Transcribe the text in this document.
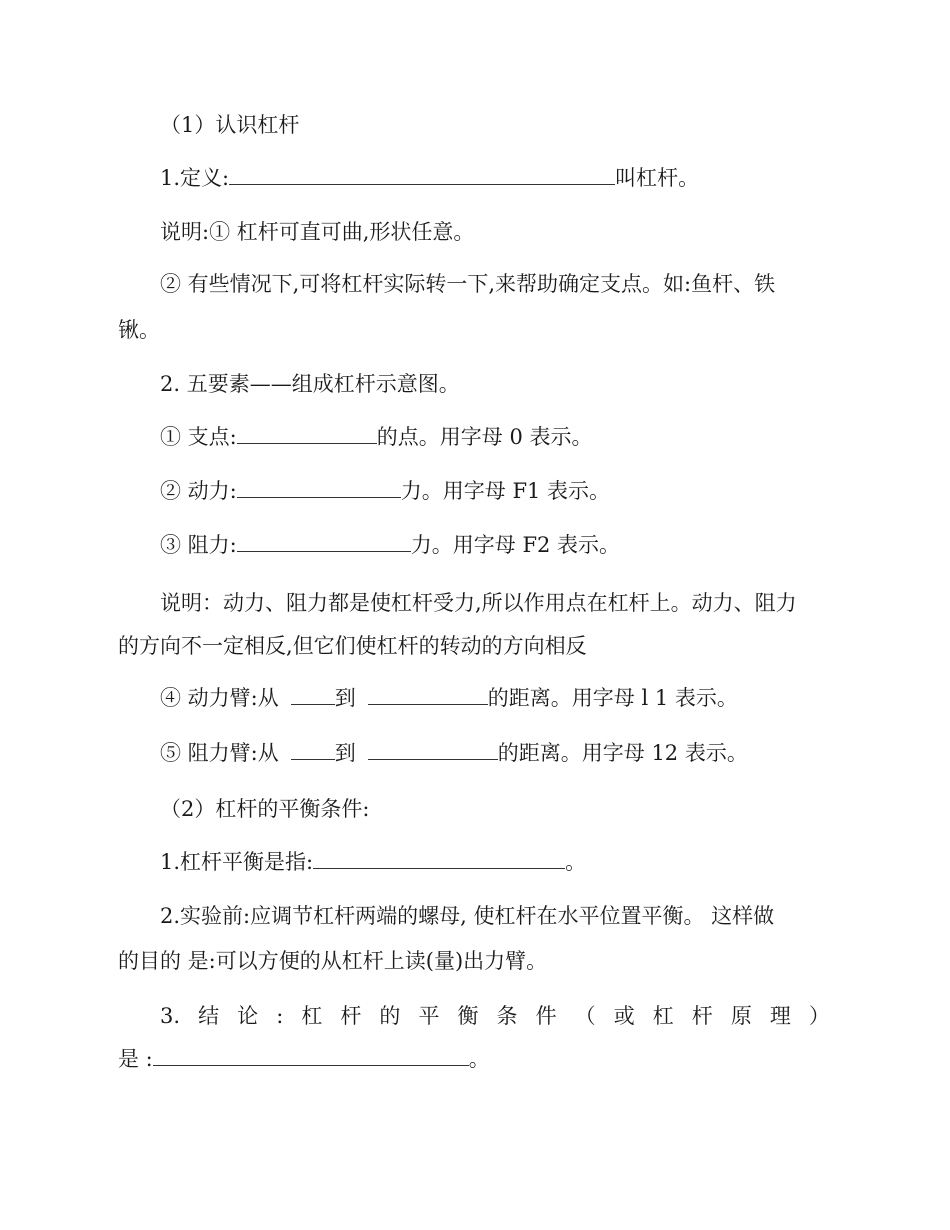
（1）认识杠杆

1.定义:	叫杠杆。

说明:① 杠杆可直可曲,形状任意。

② 有些情况下,可将杠杆实际转一下,来帮助确定支点。如:鱼杆、铁

锹。

2. 五要素——组成杠杆示意图。

① 支点:	的点。用字母 0 表示。

② 动力:	力。用字母 F1 表示。

③ 阻力:	力。用字母 F2 表示。

说明：动力、阻力都是使杠杆受力,所以作用点在杠杆上。动力、阻力

的方向不一定相反,但它们使杠杆的转动的方向相反

④ 动力臂:从	到	的距离。用字母 l 1 表示。

⑤ 阻力臂:从	到	的距离。用字母 12 表示。

（2）杠杆的平衡条件:

1.杠杆平衡是指:	。

2.实验前:应调节杠杆两端的螺母, 使杠杆在水平位置平衡。 这样做

的目的 是:可以方便的从杠杆上读(量)出力臂。

3. 结 论 : 杠 杆 的 平 衡 条 件 （ 或 杠 杆 原 理 ）

是 :	。
